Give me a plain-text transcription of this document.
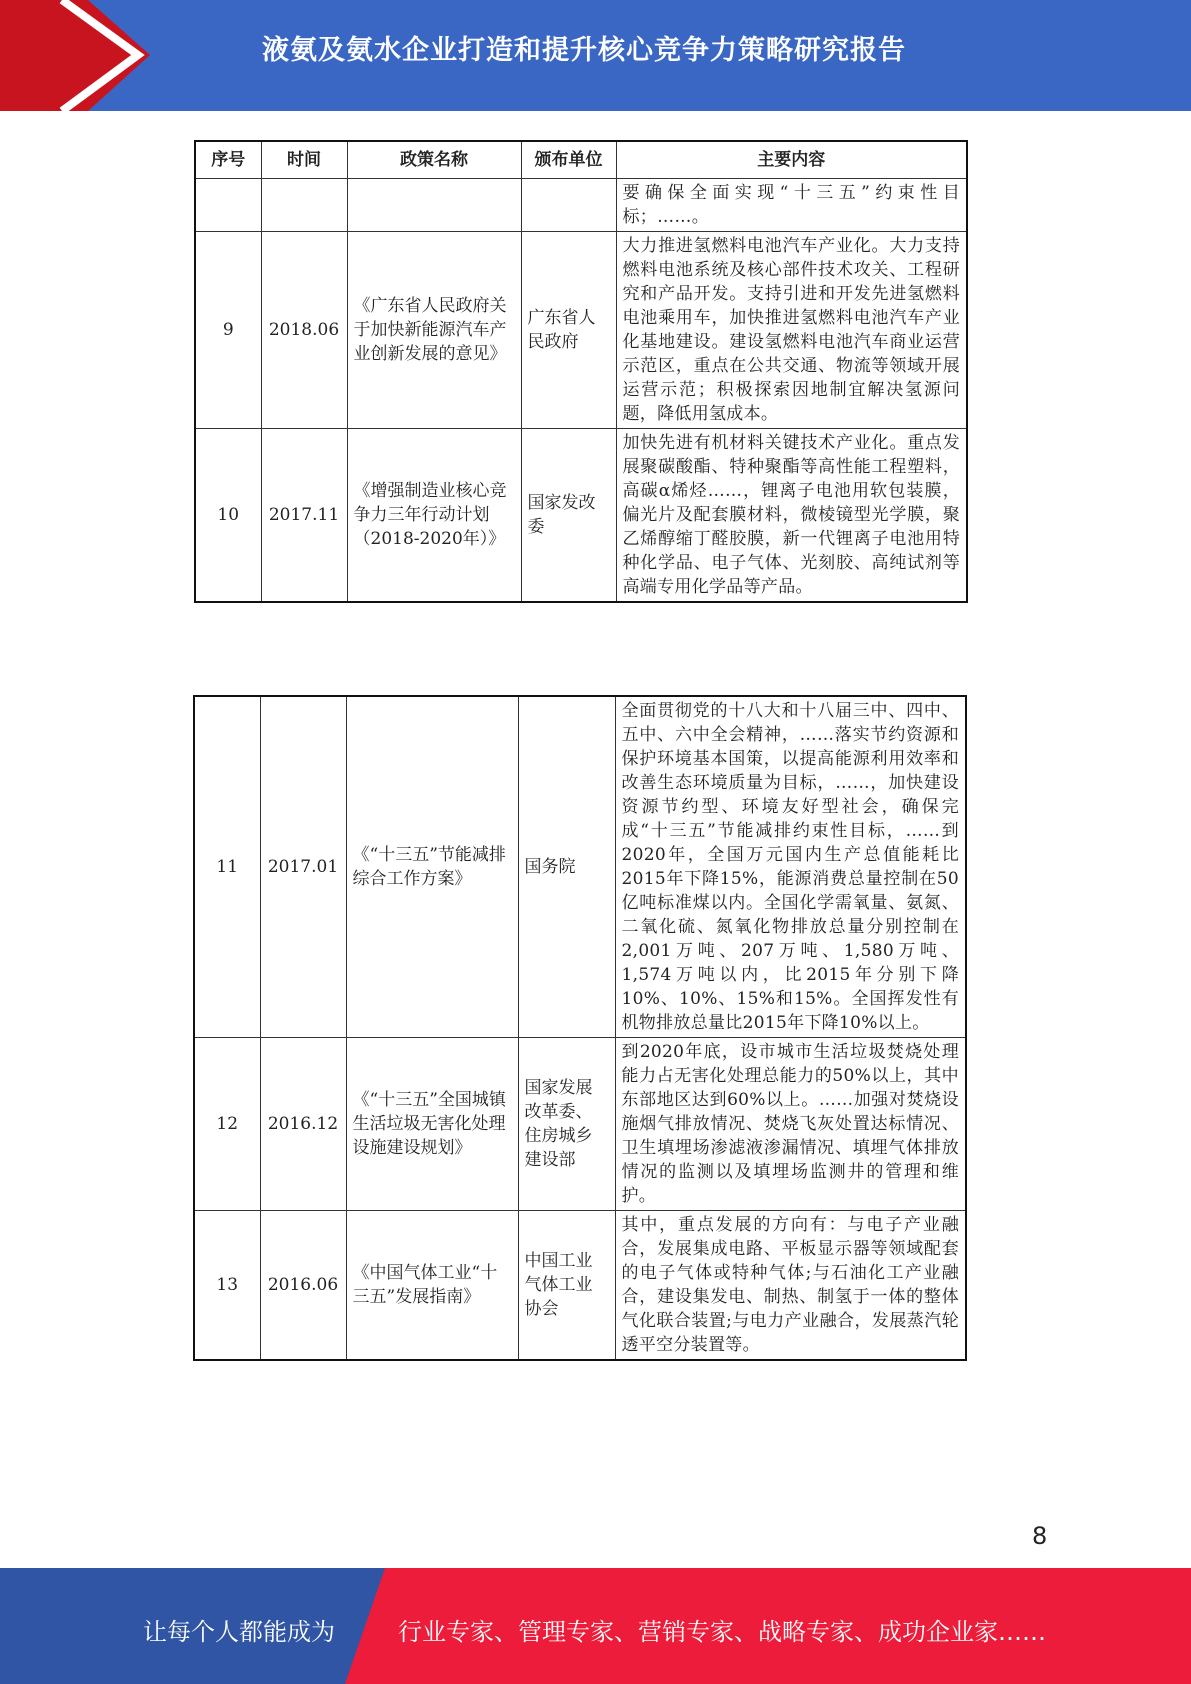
液氨及氨水企业打造和提升核心竞争力策略研究报告
序号	时间	政策名称	颁布单位	主要内容
				要确保全面实现“十三五”约束性目标；……。
9	2018.06	《广东省人民政府关于加快新能源汽车产业创新发展的意见》	广东省人民政府	大力推进氢燃料电池汽车产业化。大力支持燃料电池系统及核心部件技术攻关、工程研究和产品开发。支持引进和开发先进氢燃料电池乘用车，加快推进氢燃料电池汽车产业化基地建设。建设氢燃料电池汽车商业运营示范区，重点在公共交通、物流等领域开展运营示范；积极探索因地制宜解决氢源问题，降低用氢成本。
10	2017.11	《增强制造业核心竞争力三年行动计划（2018-2020年）》	国家发改委	加快先进有机材料关键技术产业化。重点发展聚碳酸酯、特种聚酯等高性能工程塑料，高碳α烯烃……，锂离子电池用软包装膜，偏光片及配套膜材料，微棱镜型光学膜，聚乙烯醇缩丁醛胶膜，新一代锂离子电池用特种化学品、电子气体、光刻胶、高纯试剂等高端专用化学品等产品。
11	2017.01	《“十三五”节能减排综合工作方案》	国务院	全面贯彻党的十八大和十八届三中、四中、五中、六中全会精神，……落实节约资源和保护环境基本国策，以提高能源利用效率和改善生态环境质量为目标，……，加快建设资源节约型、环境友好型社会，确保完成“十三五”节能减排约束性目标，……到2020年，全国万元国内生产总值能耗比2015年下降15%，能源消费总量控制在50亿吨标准煤以内。全国化学需氧量、氨氮、二氧化硫、氮氧化物排放总量分别控制在2,001万吨、207万吨、1,580万吨、1,574万吨以内，比2015年分别下降10%、10%、15%和15%。全国挥发性有机物排放总量比2015年下降10%以上。
12	2016.12	《“十三五”全国城镇生活垃圾无害化处理设施建设规划》	国家发展改革委、住房城乡建设部	到2020年底，设市城市生活垃圾焚烧处理能力占无害化处理总能力的50%以上，其中东部地区达到60%以上。……加强对焚烧设施烟气排放情况、焚烧飞灰处置达标情况、卫生填埋场渗滤液渗漏情况、填埋气体排放情况的监测以及填埋场监测井的管理和维护。
13	2016.06	《中国气体工业“十三五”发展指南》	中国工业气体工业协会	其中，重点发展的方向有：与电子产业融合，发展集成电路、平板显示器等领域配套的电子气体或特种气体;与石油化工产业融合，建设集发电、制热、制氢于一体的整体气化联合装置;与电力产业融合，发展蒸汽轮透平空分装置等。
8
让每个人都能成为	行业专家、管理专家、营销专家、战略专家、成功企业家……
